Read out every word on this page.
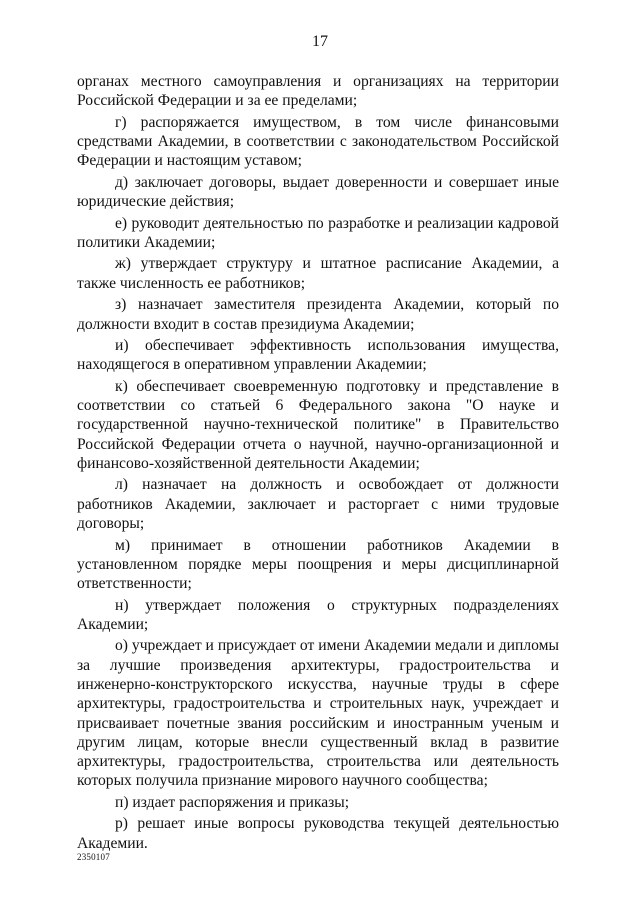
17

органах местного самоуправления и организациях на территории Российской Федерации и за ее пределами;

г) распоряжается имуществом, в том числе финансовыми средствами Академии, в соответствии с законодательством Российской Федерации и настоящим уставом;

д) заключает договоры, выдает доверенности и совершает иные юридические действия;

е) руководит деятельностью по разработке и реализации кадровой политики Академии;

ж) утверждает структуру и штатное расписание Академии, а также численность ее работников;

з) назначает заместителя президента Академии, который по должности входит в состав президиума Академии;

и) обеспечивает эффективность использования имущества, находящегося в оперативном управлении Академии;

к) обеспечивает своевременную подготовку и представление в соответствии со статьей 6 Федерального закона "О науке и государственной научно-технической политике" в Правительство Российской Федерации отчета о научной, научно-организационной и финансово-хозяйственной деятельности Академии;

л) назначает на должность и освобождает от должности работников Академии, заключает и расторгает с ними трудовые договоры;

м) принимает в отношении работников Академии в установленном порядке меры поощрения и меры дисциплинарной ответственности;

н) утверждает положения о структурных подразделениях Академии;

о) учреждает и присуждает от имени Академии медали и дипломы за лучшие произведения архитектуры, градостроительства и инженерно-конструкторского искусства, научные труды в сфере архитектуры, градостроительства и строительных наук, учреждает и присваивает почетные звания российским и иностранным ученым и другим лицам, которые внесли существенный вклад в развитие архитектуры, градостроительства, строительства или деятельность которых получила признание мирового научного сообщества;

п) издает распоряжения и приказы;

р) решает иные вопросы руководства текущей деятельностью Академии.

2350107
